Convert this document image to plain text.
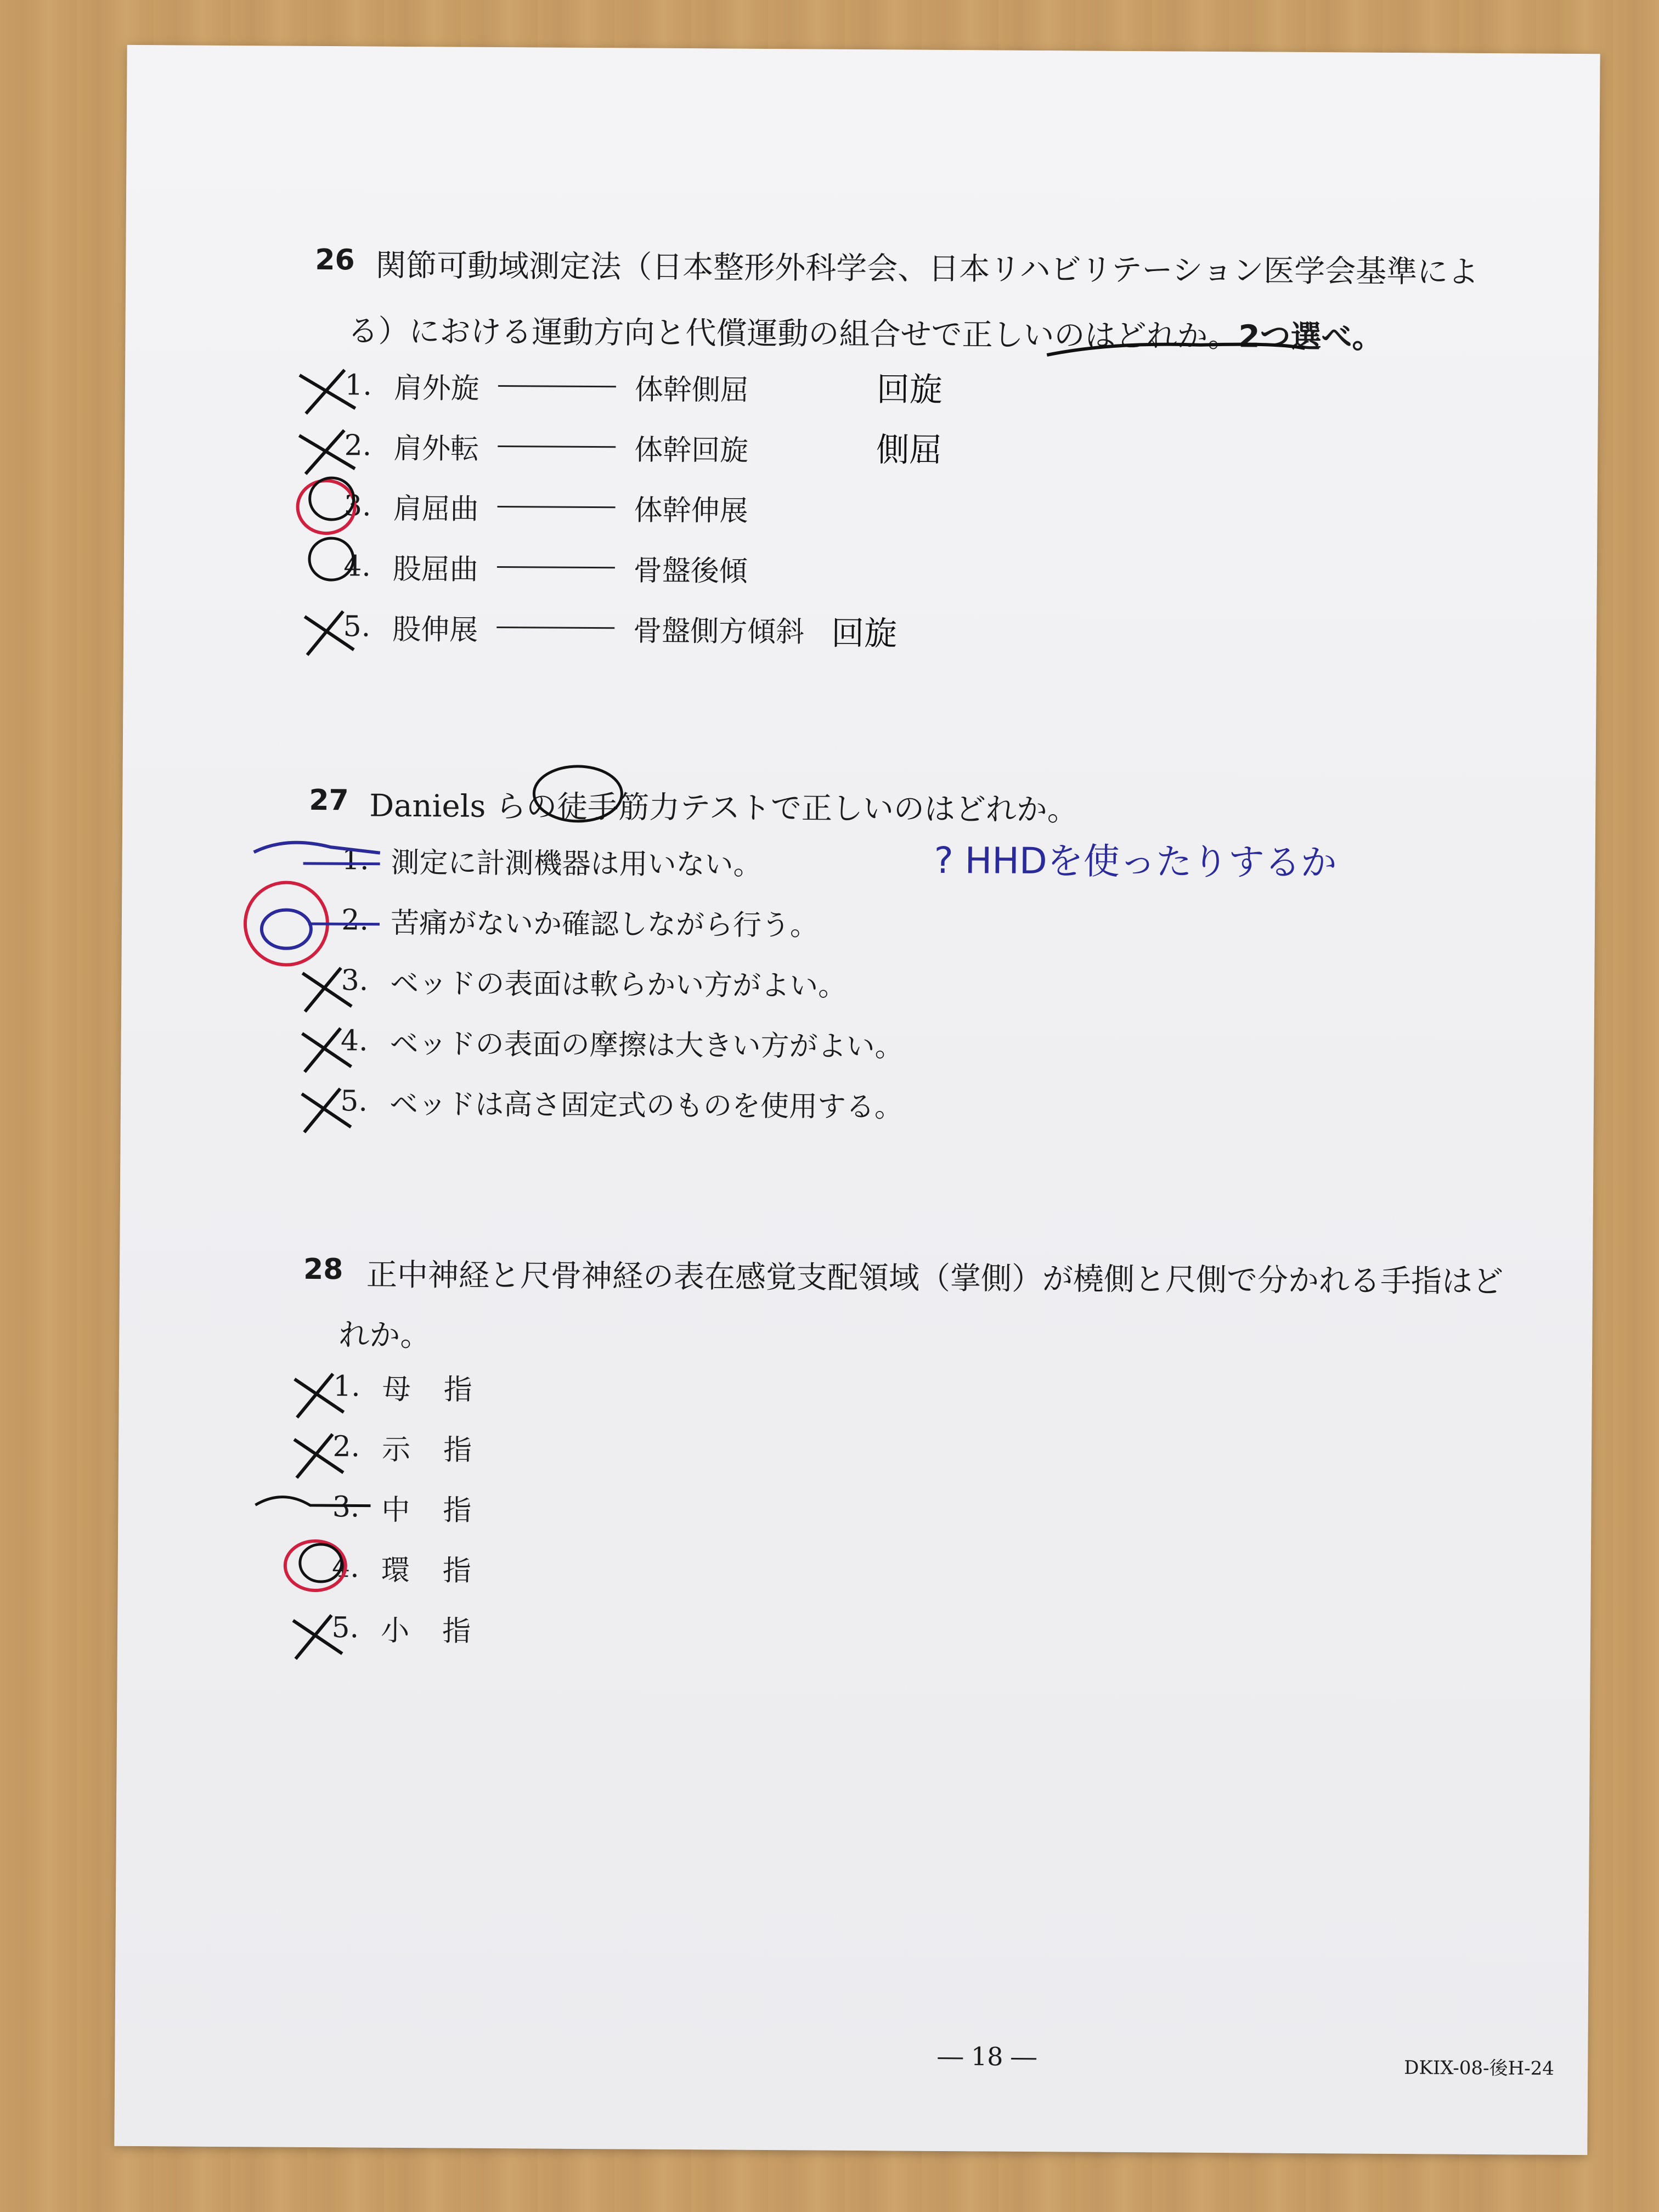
26 関節可動域測定法（日本整形外科学会、日本リハビリテーション医学会基準によ
る）における運動方向と代償運動の組合せで正しいのはどれか。2つ選べ。
1. 肩外旋	体幹側屈
2. 肩外転	体幹回旋
3. 肩屈曲	体幹伸展
4. 股屈曲	骨盤後傾
5. 股伸展	骨盤側方傾斜
27 Daniels らの徒手筋力テストで正しいのはどれか。
1. 測定に計測機器は用いない。
2. 苦痛がないか確認しながら行う。
3. ベッドの表面は軟らかい方がよい。
4. ベッドの表面の摩擦は大きい方がよい。
5. ベッドは高さ固定式のものを使用する。
28 正中神経と尺骨神経の表在感覚支配領域（掌側）が橈側と尺側で分かれる手指はど
れか。
1. 母指
2. 示指
3. 中指
4. 環指
5. 小指
― 18 ―	DKIX-08-後H-24
回旋
側屈
回旋
? HHDを使ったりするか
